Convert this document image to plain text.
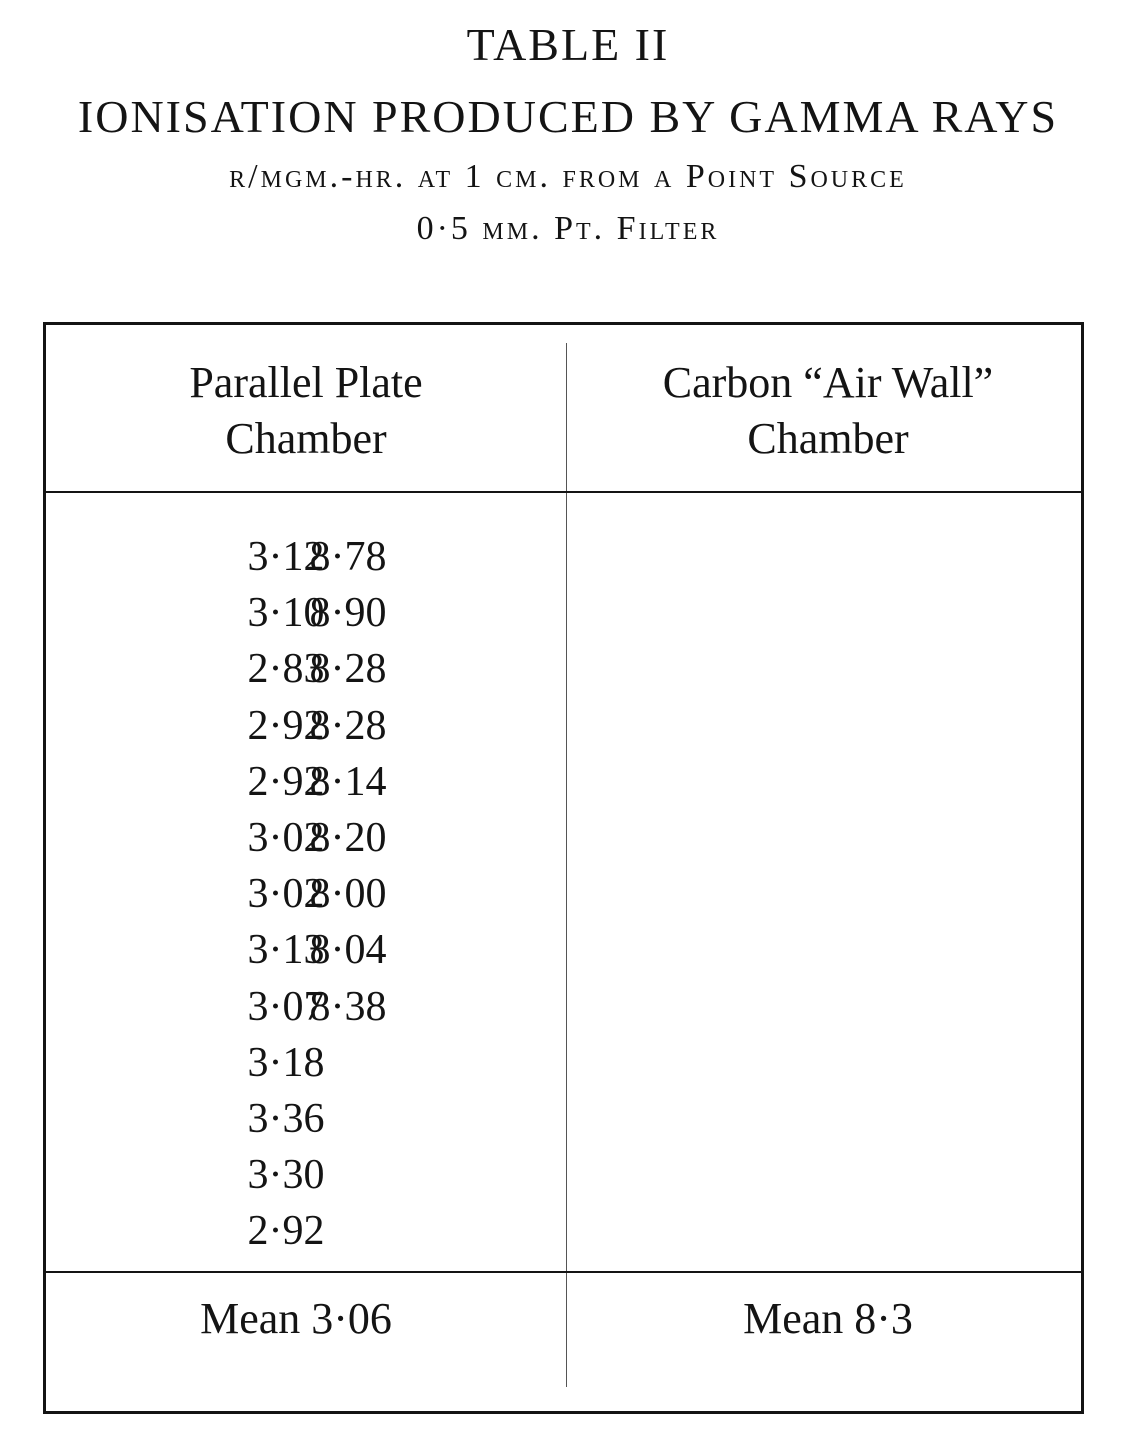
TABLE II
IONISATION PRODUCED BY GAMMA RAYS
r/mgm.-hr. at 1 cm. from a Point Source
0·5 mm. Pt. Filter
Parallel Plate
Chamber
Carbon “Air Wall”
Chamber
3·12
3·10
2·83
2·92
2·92
3·02
3·02
3·13
3·07
3·18
3·36
3·30
2·92
8·78
8·90
8·28
8·28
8·14
8·20
8·00
8·04
8·38
Mean 3·06	Mean 8·3
